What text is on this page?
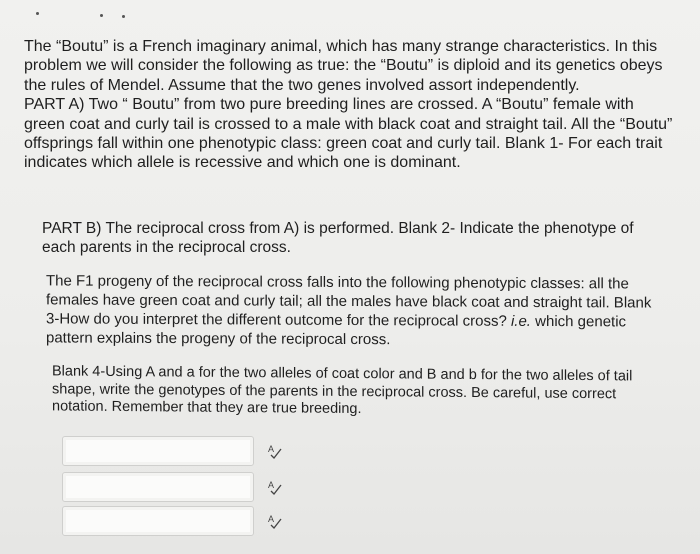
The “Boutu” is a French imaginary animal, which has many strange characteristics. In this problem we will consider the following as true: the “Boutu” is diploid and its genetics obeys the rules of Mendel. Assume that the two genes involved assort independently.
PART A) Two “ Boutu” from two pure breeding lines are crossed. A “Boutu” female with green coat and curly tail is crossed to a male with black coat and straight tail. All the “Boutu” offsprings fall within one phenotypic class: green coat and curly tail. Blank 1- For each trait indicates which allele is recessive and which one is dominant.

PART B) The reciprocal cross from A) is performed. Blank 2- Indicate the phenotype of each parents in the reciprocal cross.

The F1 progeny of the reciprocal cross falls into the following phenotypic classes: all the females have green coat and curly tail; all the males have black coat and straight tail. Blank 3-How do you interpret the different outcome for the reciprocal cross? i.e. which genetic pattern explains the progeny of the reciprocal cross.

Blank 4-Using A and a for the two alleles of coat color and B and b for the two alleles of tail shape, write the genotypes of the parents in the reciprocal cross. Be careful, use correct notation. Remember that they are true breeding.

A
A
A
